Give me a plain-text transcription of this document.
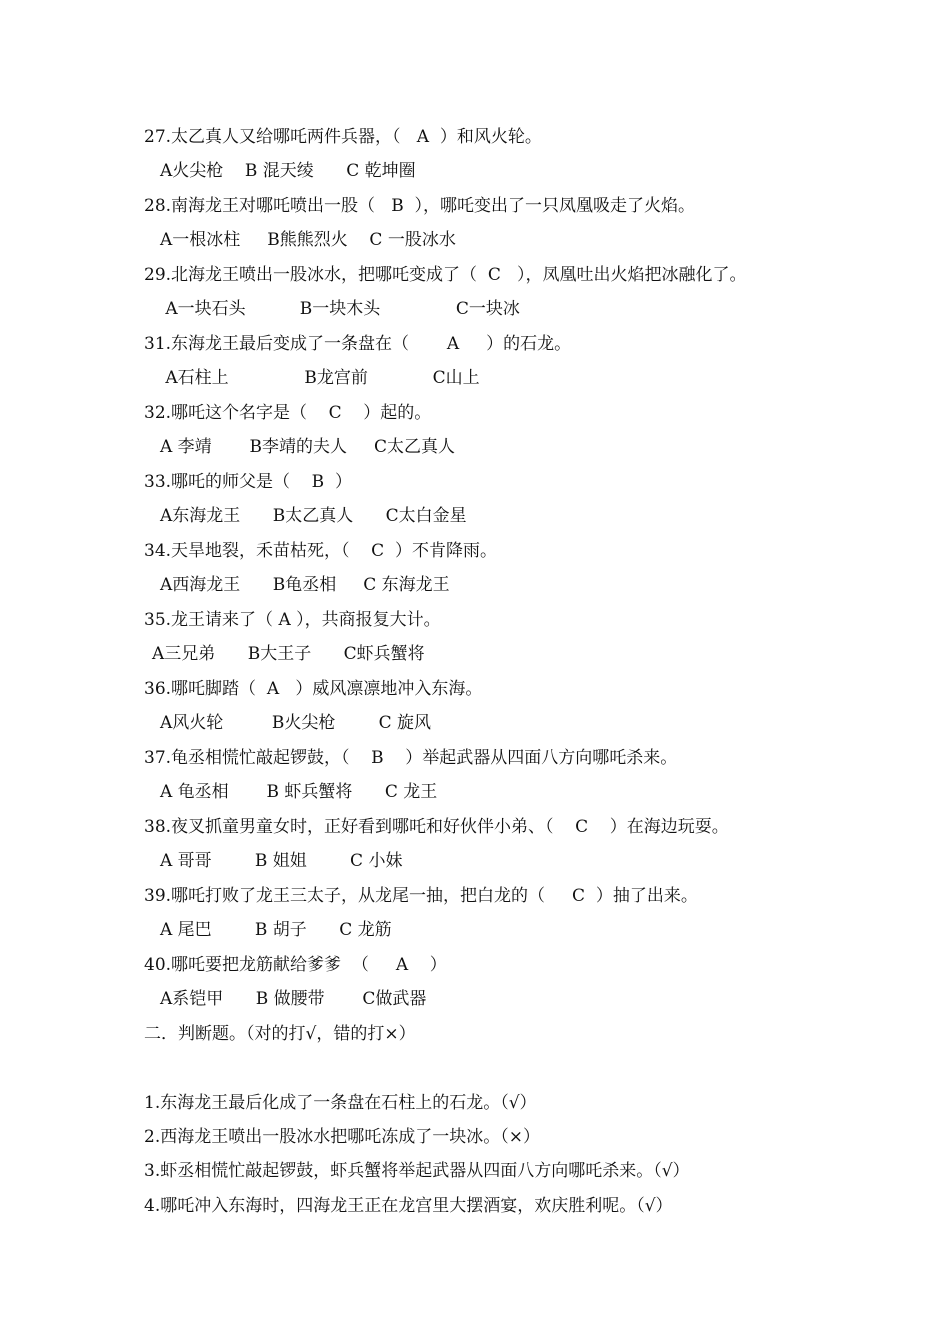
27.太乙真人又给哪吒两件兵器，（   A  ）和风火轮。
A火尖枪    B 混天绫      C 乾坤圈
28.南海龙王对哪吒喷出一股（   B  ），哪吒变出了一只凤凰吸走了火焰。
A一根冰柱     B熊熊烈火    C 一股冰水
29.北海龙王喷出一股冰水，把哪吒变成了（  C   ），凤凰吐出火焰把冰融化了。
A一块石头          B一块木头              C一块冰
31.东海龙王最后变成了一条盘在（       A     ）的石龙。
A石柱上              B龙宫前            C山上
32.哪吒这个名字是（    C    ）起的。
A 李靖       B李靖的夫人     C太乙真人
33.哪吒的师父是（    B  ）
A东海龙王      B太乙真人      C太白金星
34.天旱地裂，禾苗枯死，（    C  ）不肯降雨。
A西海龙王      B龟丞相     C 东海龙王
35.龙王请来了（ A ），共商报复大计。
A三兄弟      B大王子      C虾兵蟹将
36.哪吒脚踏（  A   ）威风凛凛地冲入东海。
A风火轮         B火尖枪        C 旋风
37.龟丞相慌忙敲起锣鼓，（    B    ）举起武器从四面八方向哪吒杀来。
A 龟丞相       B 虾兵蟹将      C 龙王
38.夜叉抓童男童女时，正好看到哪吒和好伙伴小弟、（    C    ）在海边玩耍。
A 哥哥        B 姐姐        C 小妹
39.哪吒打败了龙王三太子，从龙尾一抽，把白龙的（     C  ）抽了出来。
A 尾巴        B 胡子      C 龙筋
40.哪吒要把龙筋献给爹爹  （     A    ）
A系铠甲      B 做腰带       C做武器
二．判断题。（对的打√，错的打×）
1.东海龙王最后化成了一条盘在石柱上的石龙。（√）
2.西海龙王喷出一股冰水把哪吒冻成了一块冰。（×）
3.虾丞相慌忙敲起锣鼓，虾兵蟹将举起武器从四面八方向哪吒杀来。（√）
4.哪吒冲入东海时，四海龙王正在龙宫里大摆酒宴，欢庆胜利呢。（√）
